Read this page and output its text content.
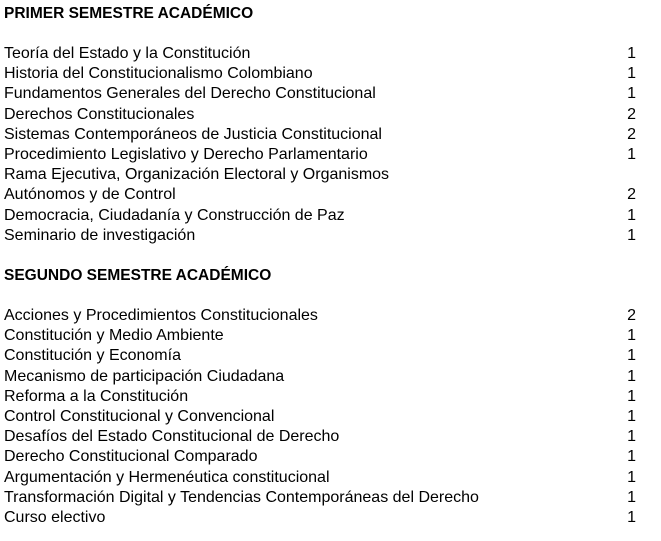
PRIMER SEMESTRE ACADÉMICO
Teoría del Estado y la Constitución	1
Historia del Constitucionalismo Colombiano	1
Fundamentos Generales del Derecho Constitucional	1
Derechos Constitucionales	2
Sistemas Contemporáneos de Justicia Constitucional	2
Procedimiento Legislativo y Derecho Parlamentario	1
Rama Ejecutiva, Organización Electoral y Organismos
Autónomos y de Control	2
Democracia, Ciudadanía y Construcción de Paz	1
Seminario de investigación	1
SEGUNDO SEMESTRE ACADÉMICO
Acciones y Procedimientos Constitucionales	2
Constitución y Medio Ambiente	1
Constitución y Economía	1
Mecanismo de participación Ciudadana	1
Reforma a la Constitución	1
Control Constitucional y Convencional	1
Desafíos del Estado Constitucional de Derecho	1
Derecho Constitucional Comparado	1
Argumentación y Hermenéutica constitucional	1
Transformación Digital y Tendencias Contemporáneas del Derecho	1
Curso electivo	1
